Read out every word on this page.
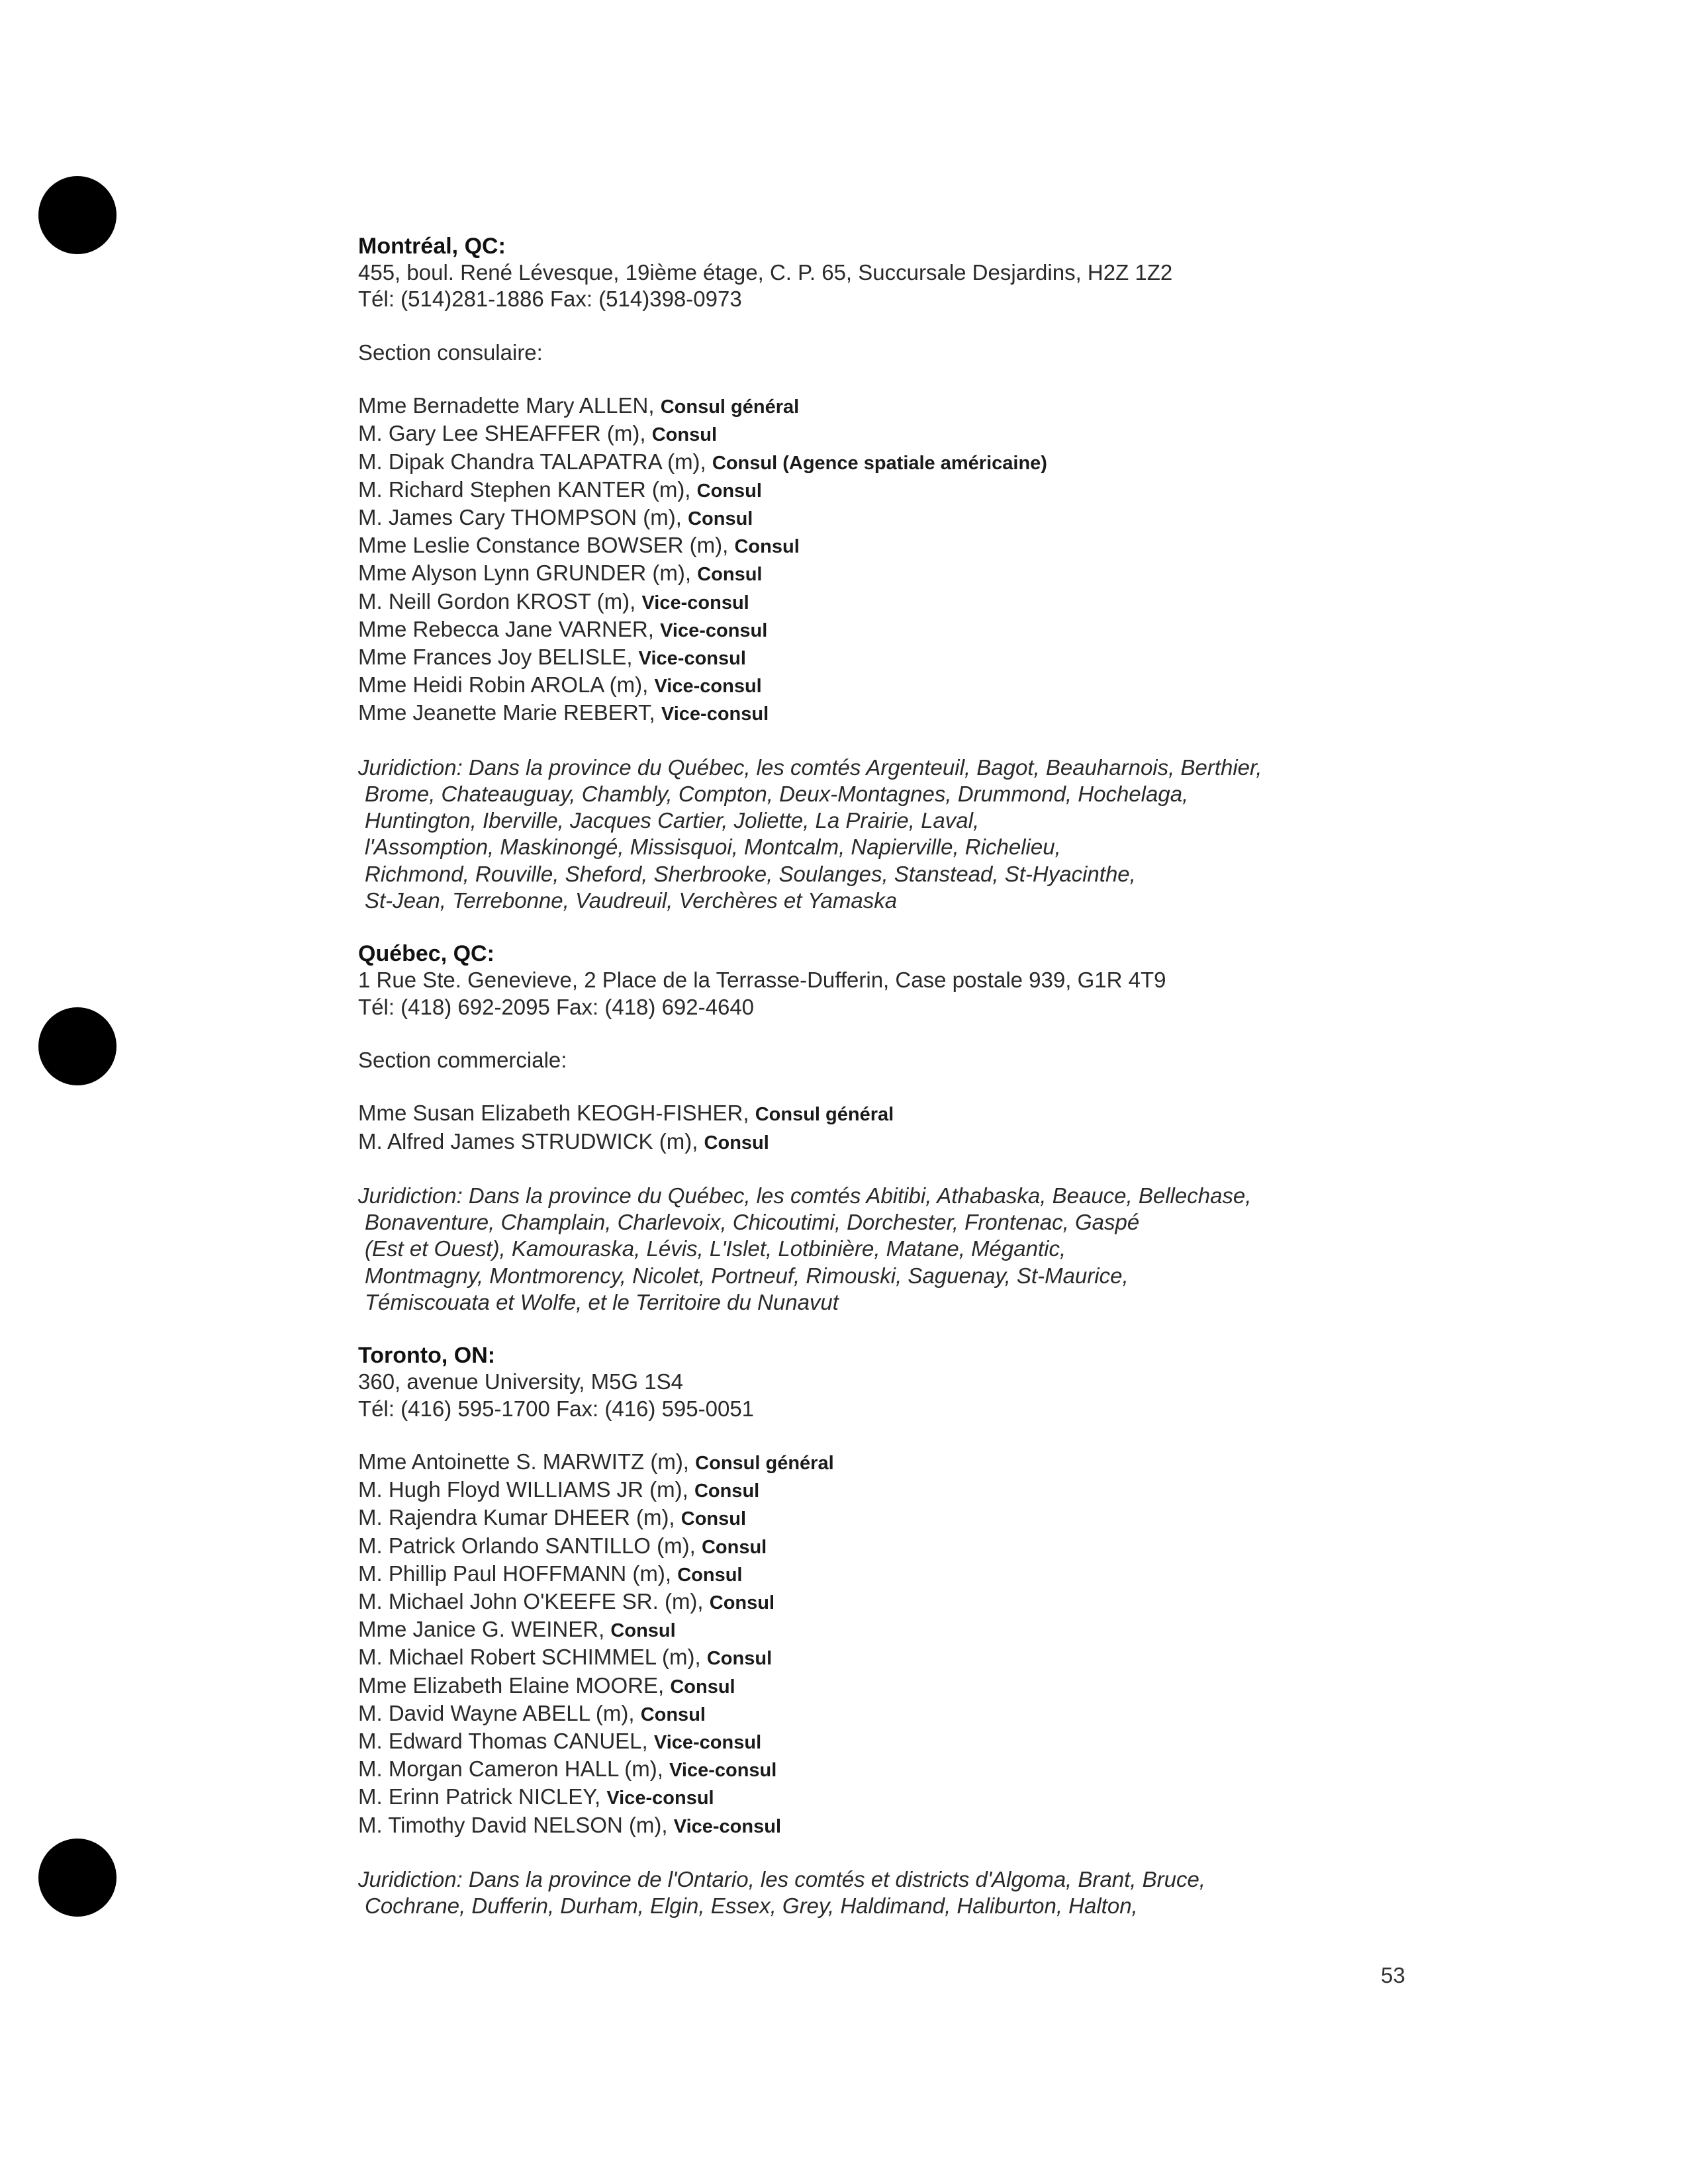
Montréal, QC:
455, boul. René Lévesque, 19ième étage, C. P. 65, Succursale Desjardins, H2Z 1Z2
Tél: (514)281-1886 Fax: (514)398-0973
Section consulaire:
Mme Bernadette Mary ALLEN, Consul général
M. Gary Lee SHEAFFER (m), Consul
M. Dipak Chandra TALAPATRA (m), Consul (Agence spatiale américaine)
M. Richard Stephen KANTER (m), Consul
M. James Cary THOMPSON (m), Consul
Mme Leslie Constance BOWSER (m), Consul
Mme Alyson Lynn GRUNDER (m), Consul
M. Neill Gordon KROST (m), Vice-consul
Mme Rebecca Jane VARNER, Vice-consul
Mme Frances Joy BELISLE, Vice-consul
Mme Heidi Robin AROLA (m), Vice-consul
Mme Jeanette Marie REBERT, Vice-consul
Juridiction: Dans la province du Québec, les comtés Argenteuil, Bagot, Beauharnois, Berthier,
Brome, Chateauguay, Chambly, Compton, Deux-Montagnes, Drummond, Hochelaga,
Huntington, Iberville, Jacques Cartier, Joliette, La Prairie, Laval,
l'Assomption, Maskinongé, Missisquoi, Montcalm, Napierville, Richelieu,
Richmond, Rouville, Sheford, Sherbrooke, Soulanges, Stanstead, St-Hyacinthe,
St-Jean, Terrebonne, Vaudreuil, Verchères et Yamaska
Québec, QC:
1 Rue Ste. Genevieve, 2 Place de la Terrasse-Dufferin, Case postale 939, G1R 4T9
Tél: (418) 692-2095 Fax: (418) 692-4640
Section commerciale:
Mme Susan Elizabeth KEOGH-FISHER, Consul général
M. Alfred James STRUDWICK (m), Consul
Juridiction: Dans la province du Québec, les comtés Abitibi, Athabaska, Beauce, Bellechase,
Bonaventure, Champlain, Charlevoix, Chicoutimi, Dorchester, Frontenac, Gaspé
(Est et Ouest), Kamouraska, Lévis, L'Islet, Lotbinière, Matane, Mégantic,
Montmagny, Montmorency, Nicolet, Portneuf, Rimouski, Saguenay, St-Maurice,
Témiscouata et Wolfe, et le Territoire du Nunavut
Toronto, ON:
360, avenue University, M5G 1S4
Tél: (416) 595-1700 Fax: (416) 595-0051
Mme Antoinette S. MARWITZ (m), Consul général
M. Hugh Floyd WILLIAMS JR (m), Consul
M. Rajendra Kumar DHEER (m), Consul
M. Patrick Orlando SANTILLO (m), Consul
M. Phillip Paul HOFFMANN (m), Consul
M. Michael John O'KEEFE SR. (m), Consul
Mme Janice G. WEINER, Consul
M. Michael Robert SCHIMMEL (m), Consul
Mme Elizabeth Elaine MOORE, Consul
M. David Wayne ABELL (m), Consul
M. Edward Thomas CANUEL, Vice-consul
M. Morgan Cameron HALL (m), Vice-consul
M. Erinn Patrick NICLEY, Vice-consul
M. Timothy David NELSON (m), Vice-consul
Juridiction: Dans la province de l'Ontario, les comtés et districts d'Algoma, Brant, Bruce,
Cochrane, Dufferin, Durham, Elgin, Essex, Grey, Haldimand, Haliburton, Halton,
53
